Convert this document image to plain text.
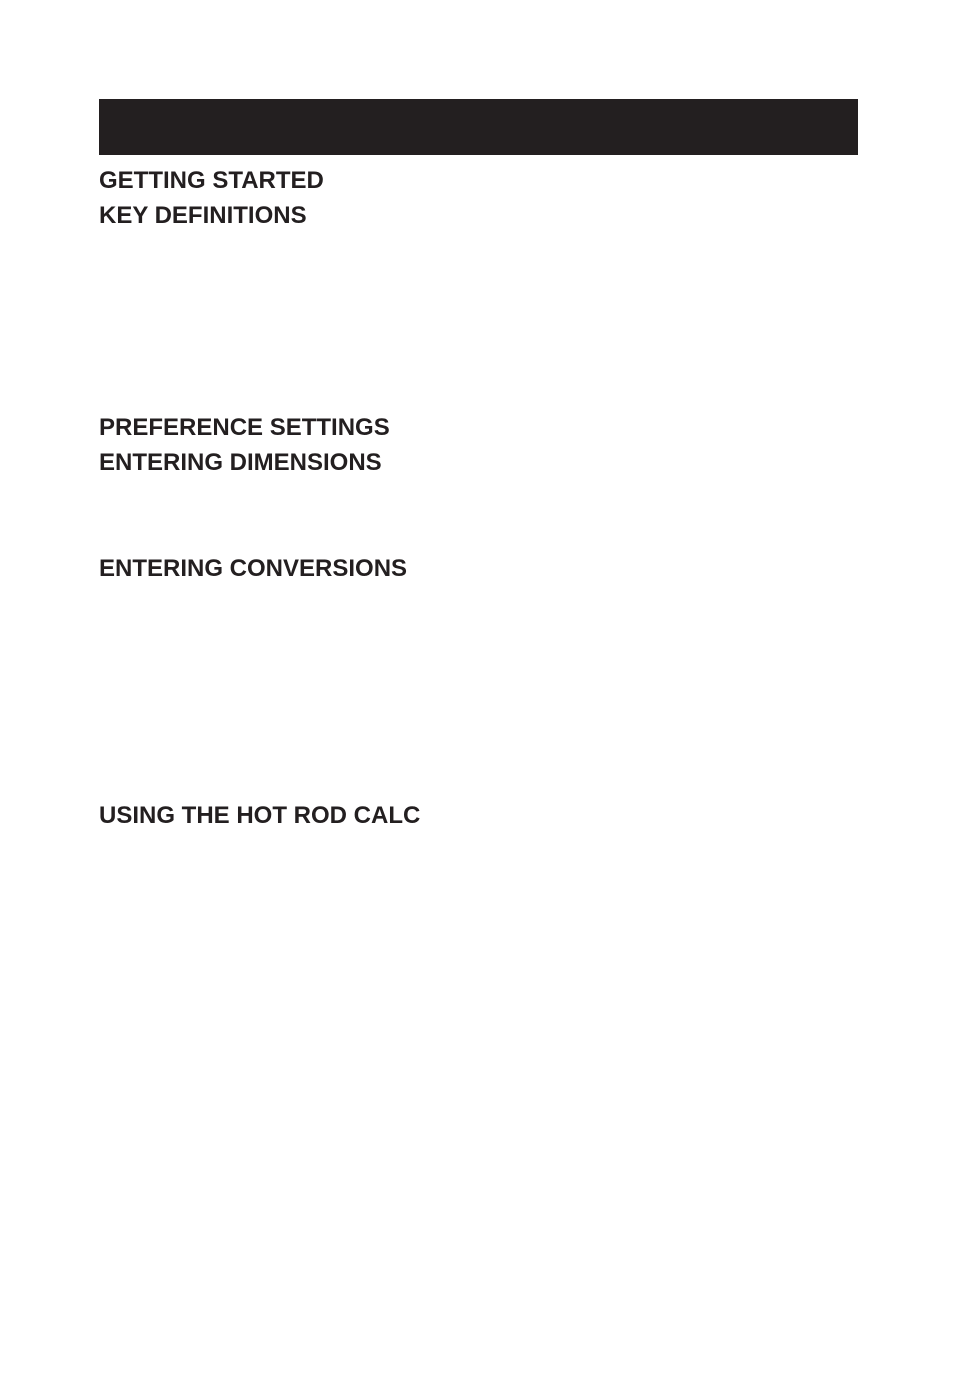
GETTING STARTED
KEY DEFINITIONS
PREFERENCE SETTINGS
ENTERING DIMENSIONS
ENTERING CONVERSIONS
USING THE HOT ROD CALC
